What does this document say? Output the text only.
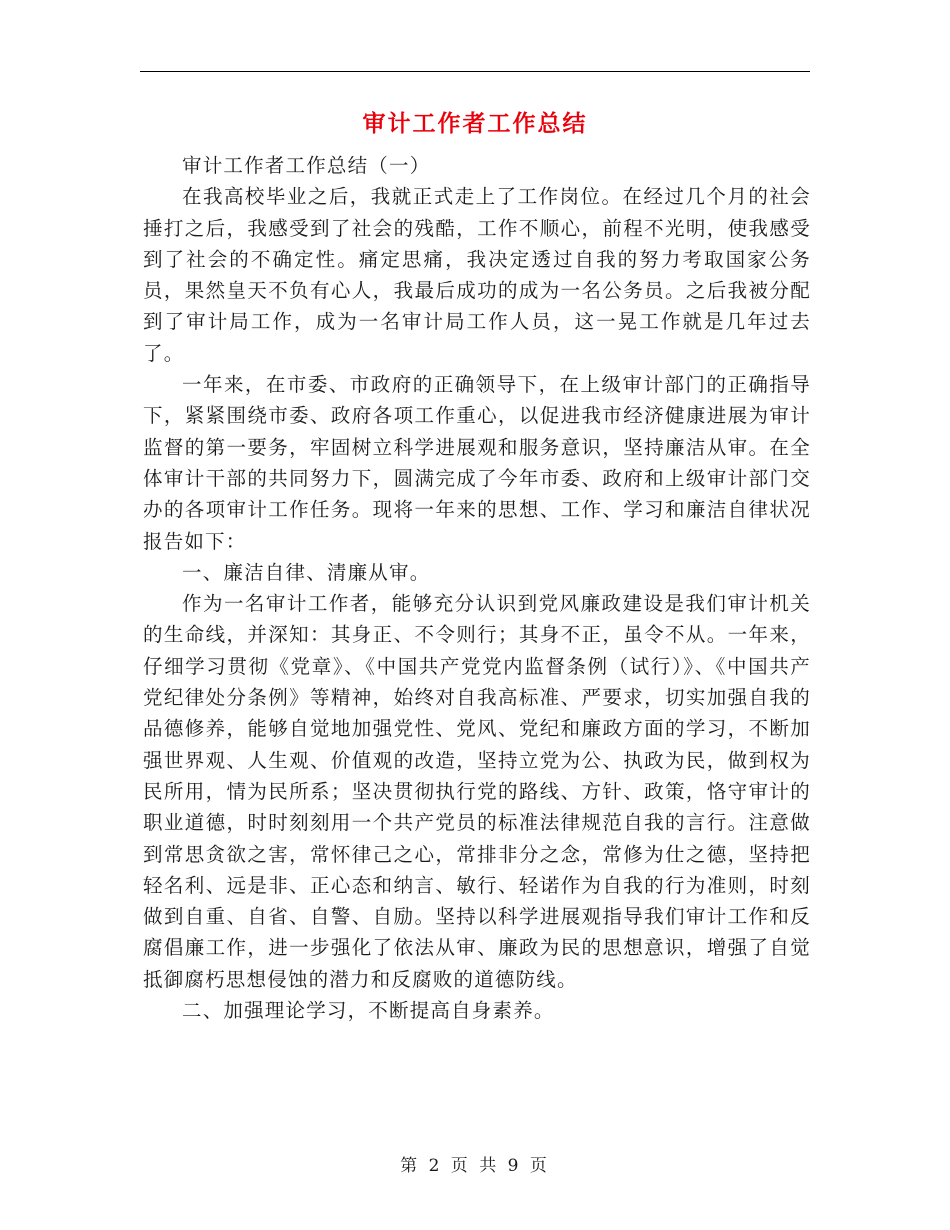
审计工作者工作总结

审计工作者工作总结（一）

在我高校毕业之后，我就正式走上了工作岗位。在经过几个月的社会捶打之后，我感受到了社会的残酷，工作不顺心，前程不光明，使我感受到了社会的不确定性。痛定思痛，我决定透过自我的努力考取国家公务员，果然皇天不负有心人，我最后成功的成为一名公务员。之后我被分配到了审计局工作，成为一名审计局工作人员，这一晃工作就是几年过去了。

一年来，在市委、市政府的正确领导下，在上级审计部门的正确指导下，紧紧围绕市委、政府各项工作重心，以促进我市经济健康进展为审计监督的第一要务，牢固树立科学进展观和服务意识，坚持廉洁从审。在全体审计干部的共同努力下，圆满完成了今年市委、政府和上级审计部门交办的各项审计工作任务。现将一年来的思想、工作、学习和廉洁自律状况报告如下：

一、廉洁自律、清廉从审。

作为一名审计工作者，能够充分认识到党风廉政建设是我们审计机关的生命线，并深知：其身正、不令则行；其身不正，虽令不从。一年来，仔细学习贯彻《党章》、《中国共产党党内监督条例（试行）》、《中国共产党纪律处分条例》等精神，始终对自我高标准、严要求，切实加强自我的品德修养，能够自觉地加强党性、党风、党纪和廉政方面的学习，不断加强世界观、人生观、价值观的改造，坚持立党为公、执政为民，做到权为民所用，情为民所系；坚决贯彻执行党的路线、方针、政策，恪守审计的职业道德，时时刻刻用一个共产党员的标准法律规范自我的言行。注意做到常思贪欲之害，常怀律己之心，常排非分之念，常修为仕之德，坚持把轻名利、远是非、正心态和纳言、敏行、轻诺作为自我的行为准则，时刻做到自重、自省、自警、自励。坚持以科学进展观指导我们审计工作和反腐倡廉工作，进一步强化了依法从审、廉政为民的思想意识，增强了自觉抵御腐朽思想侵蚀的潜力和反腐败的道德防线。

二、加强理论学习，不断提高自身素养。

第 2 页 共 9 页
